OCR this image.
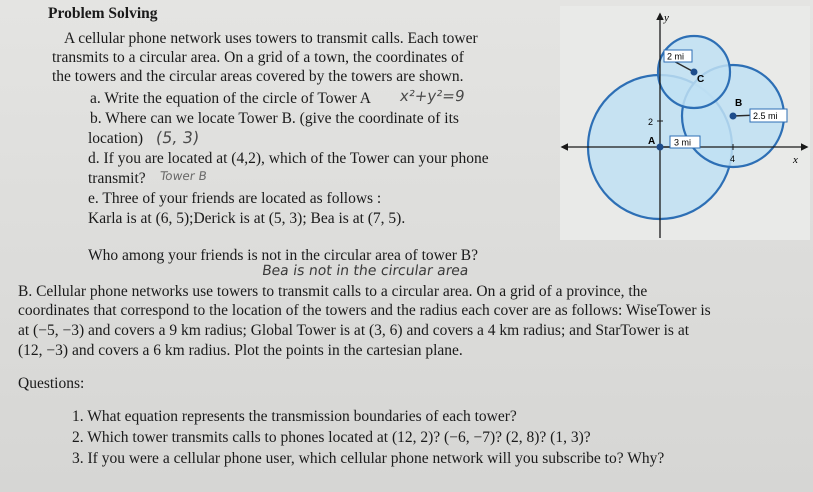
Problem Solving
A cellular phone network uses towers to transmit calls. Each tower
transmits to a circular area. On a grid of a town, the coordinates of
the towers and the circular areas covered by the towers are shown.
a. Write the equation of the circle of Tower A x²+y²=9
b. Where can we locate Tower B. (give the coordinate of its
location) (5, 3)
d. If you are located at (4,2), which of the Tower can your phone
transmit? Tower B
e. Three of your friends are located as follows :
Karla is at (6, 5);Derick is at (5, 3); Bea is at (7, 5).
Who among your friends is not in the circular area of tower B?
Bea is not in the circular area
B. Cellular phone networks use towers to transmit calls to a circular area. On a grid of a province, the
coordinates that correspond to the location of the towers and the radius each cover are as follows: WiseTower is
at (−5, −3) and covers a 9 km radius; Global Tower is at (3, 6) and covers a 4 km radius; and StarTower is at
(12, −3) and covers a 6 km radius. Plot the points in the cartesian plane.
Questions:
1. What equation represents the transmission boundaries of each tower?
2. Which tower transmits calls to phones located at (12, 2)? (−6, −7)? (2, 8)? (1, 3)?
3. If you were a cellular phone user, which cellular phone network will you subscribe to? Why?
y
x
4
2
A
B
C
3 mi
2.5 mi
2 mi
